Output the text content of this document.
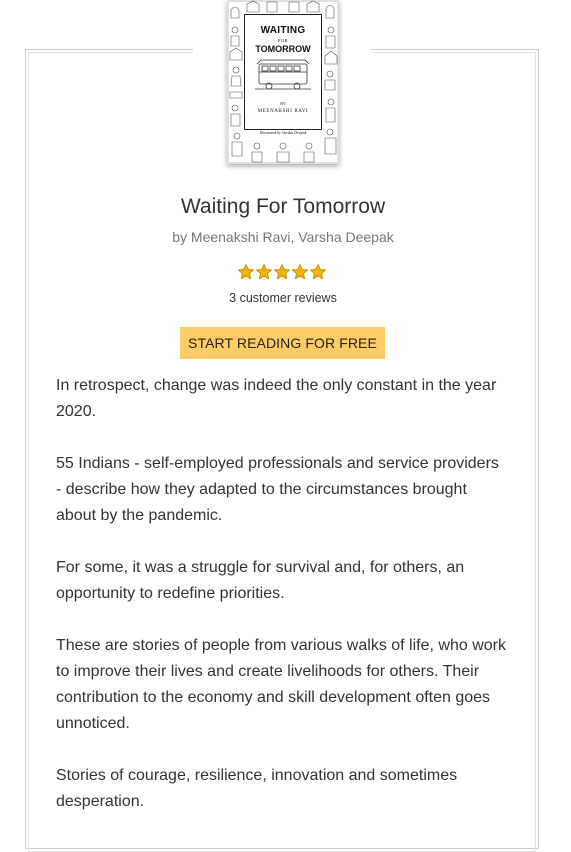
WAITING
FOR
TOMORROW
BY
MEENAKSHI RAVI
Illustrated by Varsha Deepak
Waiting For Tomorrow
by Meenakshi Ravi, Varsha Deepak
3 customer reviews
START READING FOR FREE

In retrospect, change was indeed the only constant in the year 2020.

55 Indians - self-employed professionals and service providers - describe how they adapted to the circumstances brought about by the pandemic.

For some, it was a struggle for survival and, for others, an opportunity to redefine priorities.

These are stories of people from various walks of life, who work to improve their lives and create livelihoods for others. Their contribution to the economy and skill development often goes unnoticed.

Stories of courage, resilience, innovation and sometimes desperation.
